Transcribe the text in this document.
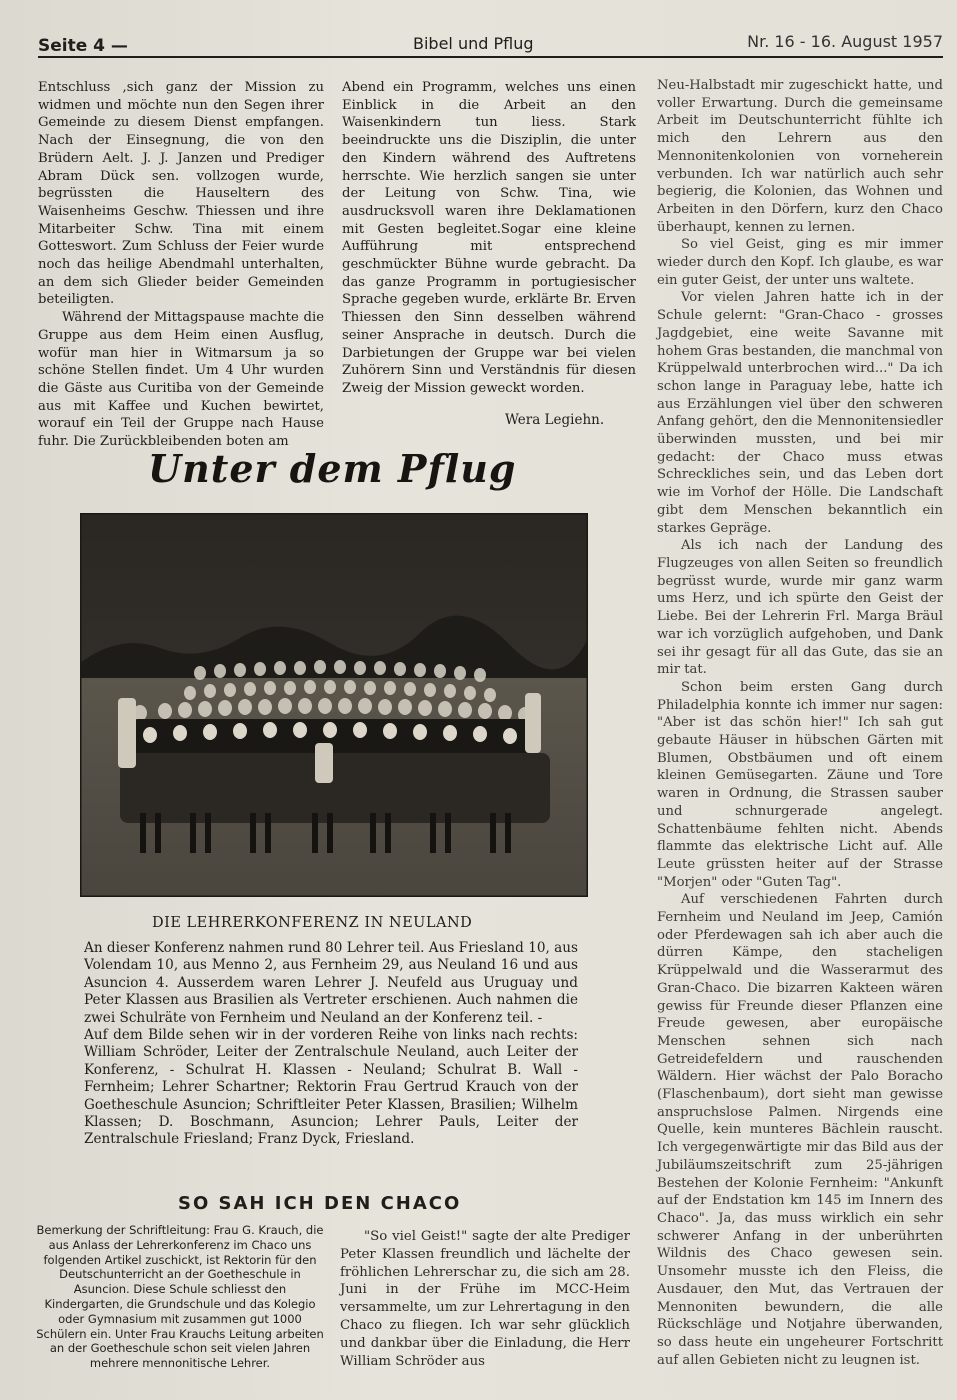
Seite 4 —	Bibel und Pflug	Nr. 16 - 16. August 1957

Entschluss ,sich ganz der Mission zu widmen und möchte nun den Segen ihrer Gemeinde zu diesem Dienst empfangen. Nach der Einsegnung, die von den Brüdern Aelt. J. J. Janzen und Prediger Abram Dück sen. vollzogen wurde, begrüssten die Hauseltern des Waisenheims Geschw. Thiessen und ihre Mitarbeiter Schw. Tina mit einem Gotteswort. Zum Schluss der Feier wurde noch das heilige Abendmahl unterhalten, an dem sich Glieder beider Gemeinden beteiligten.

Während der Mittagspause machte die Gruppe aus dem Heim einen Ausflug, wofür man hier in Witmarsum ja so schöne Stellen findet. Um 4 Uhr wurden die Gäste aus Curitiba von der Gemeinde aus mit Kaffee und Kuchen bewirtet, worauf ein Teil der Gruppe nach Hause fuhr. Die Zurückbleibenden boten am

Abend ein Programm, welches uns einen Einblick in die Arbeit an den Waisenkindern tun liess. Stark beeindruckte uns die Disziplin, die unter den Kindern während des Auftretens herrschte. Wie herzlich sangen sie unter der Leitung von Schw. Tina, wie ausdrucksvoll waren ihre Deklamationen mit Gesten begleitet.Sogar eine kleine Aufführung mit entsprechend geschmückter Bühne wurde gebracht. Da das ganze Programm in portugiesischer Sprache gegeben wurde, erklärte Br. Erven Thiessen den Sinn desselben während seiner Ansprache in deutsch. Durch die Darbietungen der Gruppe war bei vielen Zuhörern Sinn und Verständnis für diesen Zweig der Mission geweckt worden.

Wera Legiehn.

Neu-Halbstadt mir zugeschickt hatte, und voller Erwartung. Durch die gemeinsame Arbeit im Deutschunterricht fühlte ich mich den Lehrern aus den Mennonitenkolonien von vorneherein verbunden. Ich war natürlich auch sehr begierig, die Kolonien, das Wohnen und Arbeiten in den Dörfern, kurz den Chaco überhaupt, kennen zu lernen.

So viel Geist, ging es mir immer wieder durch den Kopf. Ich glaube, es war ein guter Geist, der unter uns waltete.

Vor vielen Jahren hatte ich in der Schule gelernt: "Gran-Chaco - grosses Jagdgebiet, eine weite Savanne mit hohem Gras bestanden, die manchmal von Krüppelwald unterbrochen wird..." Da ich schon lange in Paraguay lebe, hatte ich aus Erzählungen viel über den schweren Anfang gehört, den die Mennonitensiedler überwinden mussten, und bei mir gedacht: der Chaco muss etwas Schreckliches sein, und das Leben dort wie im Vorhof der Hölle. Die Landschaft gibt dem Menschen bekanntlich ein starkes Gepräge.

Als ich nach der Landung des Flugzeuges von allen Seiten so freundlich begrüsst wurde, wurde mir ganz warm ums Herz, und ich spürte den Geist der Liebe. Bei der Lehrerin Frl. Marga Bräul war ich vorzüglich aufgehoben, und Dank sei ihr gesagt für all das Gute, das sie an mir tat.

Schon beim ersten Gang durch Philadelphia konnte ich immer nur sagen: "Aber ist das schön hier!" Ich sah gut gebaute Häuser in hübschen Gärten mit Blumen, Obstbäumen und oft einem kleinen Gemüsegarten. Zäune und Tore waren in Ordnung, die Strassen sauber und schnurgerade angelegt. Schattenbäume fehlten nicht. Abends flammte das elektrische Licht auf. Alle Leute grüssten heiter auf der Strasse "Morjen" oder "Guten Tag".

Auf verschiedenen Fahrten durch Fernheim und Neuland im Jeep, Camión oder Pferdewagen sah ich aber auch die dürren Kämpe, den stacheligen Krüppelwald und die Wasserarmut des Gran-Chaco. Die bizarren Kakteen wären gewiss für Freunde dieser Pflanzen eine Freude gewesen, aber europäische Menschen sehnen sich nach Getreidefeldern und rauschenden Wäldern. Hier wächst der Palo Boracho (Flaschenbaum), dort sieht man gewisse anspruchslose Palmen. Nirgends eine Quelle, kein munteres Bächlein rauscht. Ich vergegenwärtigte mir das Bild aus der Jubiläumszeitschrift zum 25-jährigen Bestehen der Kolonie Fernheim: "Ankunft auf der Endstation km 145 im Innern des Chaco". Ja, das muss wirklich ein sehr schwerer Anfang in der unberührten Wildnis des Chaco gewesen sein. Unsomehr musste ich den Fleiss, die Ausdauer, den Mut, das Vertrauen der Mennoniten bewundern, die alle Rückschläge und Notjahre überwanden, so dass heute ein ungeheurer Fortschritt auf allen Gebieten nicht zu leugnen ist.

Unter dem Pflug
DIE LEHRERKONFERENZ IN NEULAND

An dieser Konferenz nahmen rund 80 Lehrer teil. Aus Friesland 10, aus Volendam 10, aus Menno 2, aus Fernheim 29, aus Neuland 16 und aus Asuncion 4. Ausserdem waren Lehrer J. Neufeld aus Uruguay und Peter Klassen aus Brasilien als Vertreter erschienen. Auch nahmen die zwei Schulräte von Fernheim und Neuland an der Konferenz teil. -

Auf dem Bilde sehen wir in der vorderen Reihe von links nach rechts: William Schröder, Leiter der Zentralschule Neuland, auch Leiter der Konferenz, - Schulrat H. Klassen - Neuland; Schulrat B. Wall - Fernheim; Lehrer Schartner; Rektorin Frau Gertrud Krauch von der Goetheschule Asuncion; Schriftleiter Peter Klassen, Brasilien; Wilhelm Klassen; D. Boschmann, Asuncion; Lehrer Pauls, Leiter der Zentralschule Friesland; Franz Dyck, Friesland.

SO SAH ICH DEN CHACO
Bemerkung der Schriftleitung: Frau G. Krauch, die aus Anlass der Lehrerkonferenz im Chaco uns folgenden Artikel zuschickt, ist Rektorin für den Deutschunterricht an der Goetheschule in Asuncion. Diese Schule schliesst den Kindergarten, die Grundschule und das Kolegio oder Gymnasium mit zusammen gut 1000 Schülern ein. Unter Frau Krauchs Leitung arbeiten an der Goetheschule schon seit vielen Jahren mehrere mennonitische Lehrer.

"So viel Geist!" sagte der alte Prediger Peter Klassen freundlich und lächelte der fröhlichen Lehrerschar zu, die sich am 28. Juni in der Frühe im MCC-Heim versammelte, um zur Lehrertagung in den Chaco zu fliegen. Ich war sehr glücklich und dankbar über die Einladung, die Herr William Schröder aus
